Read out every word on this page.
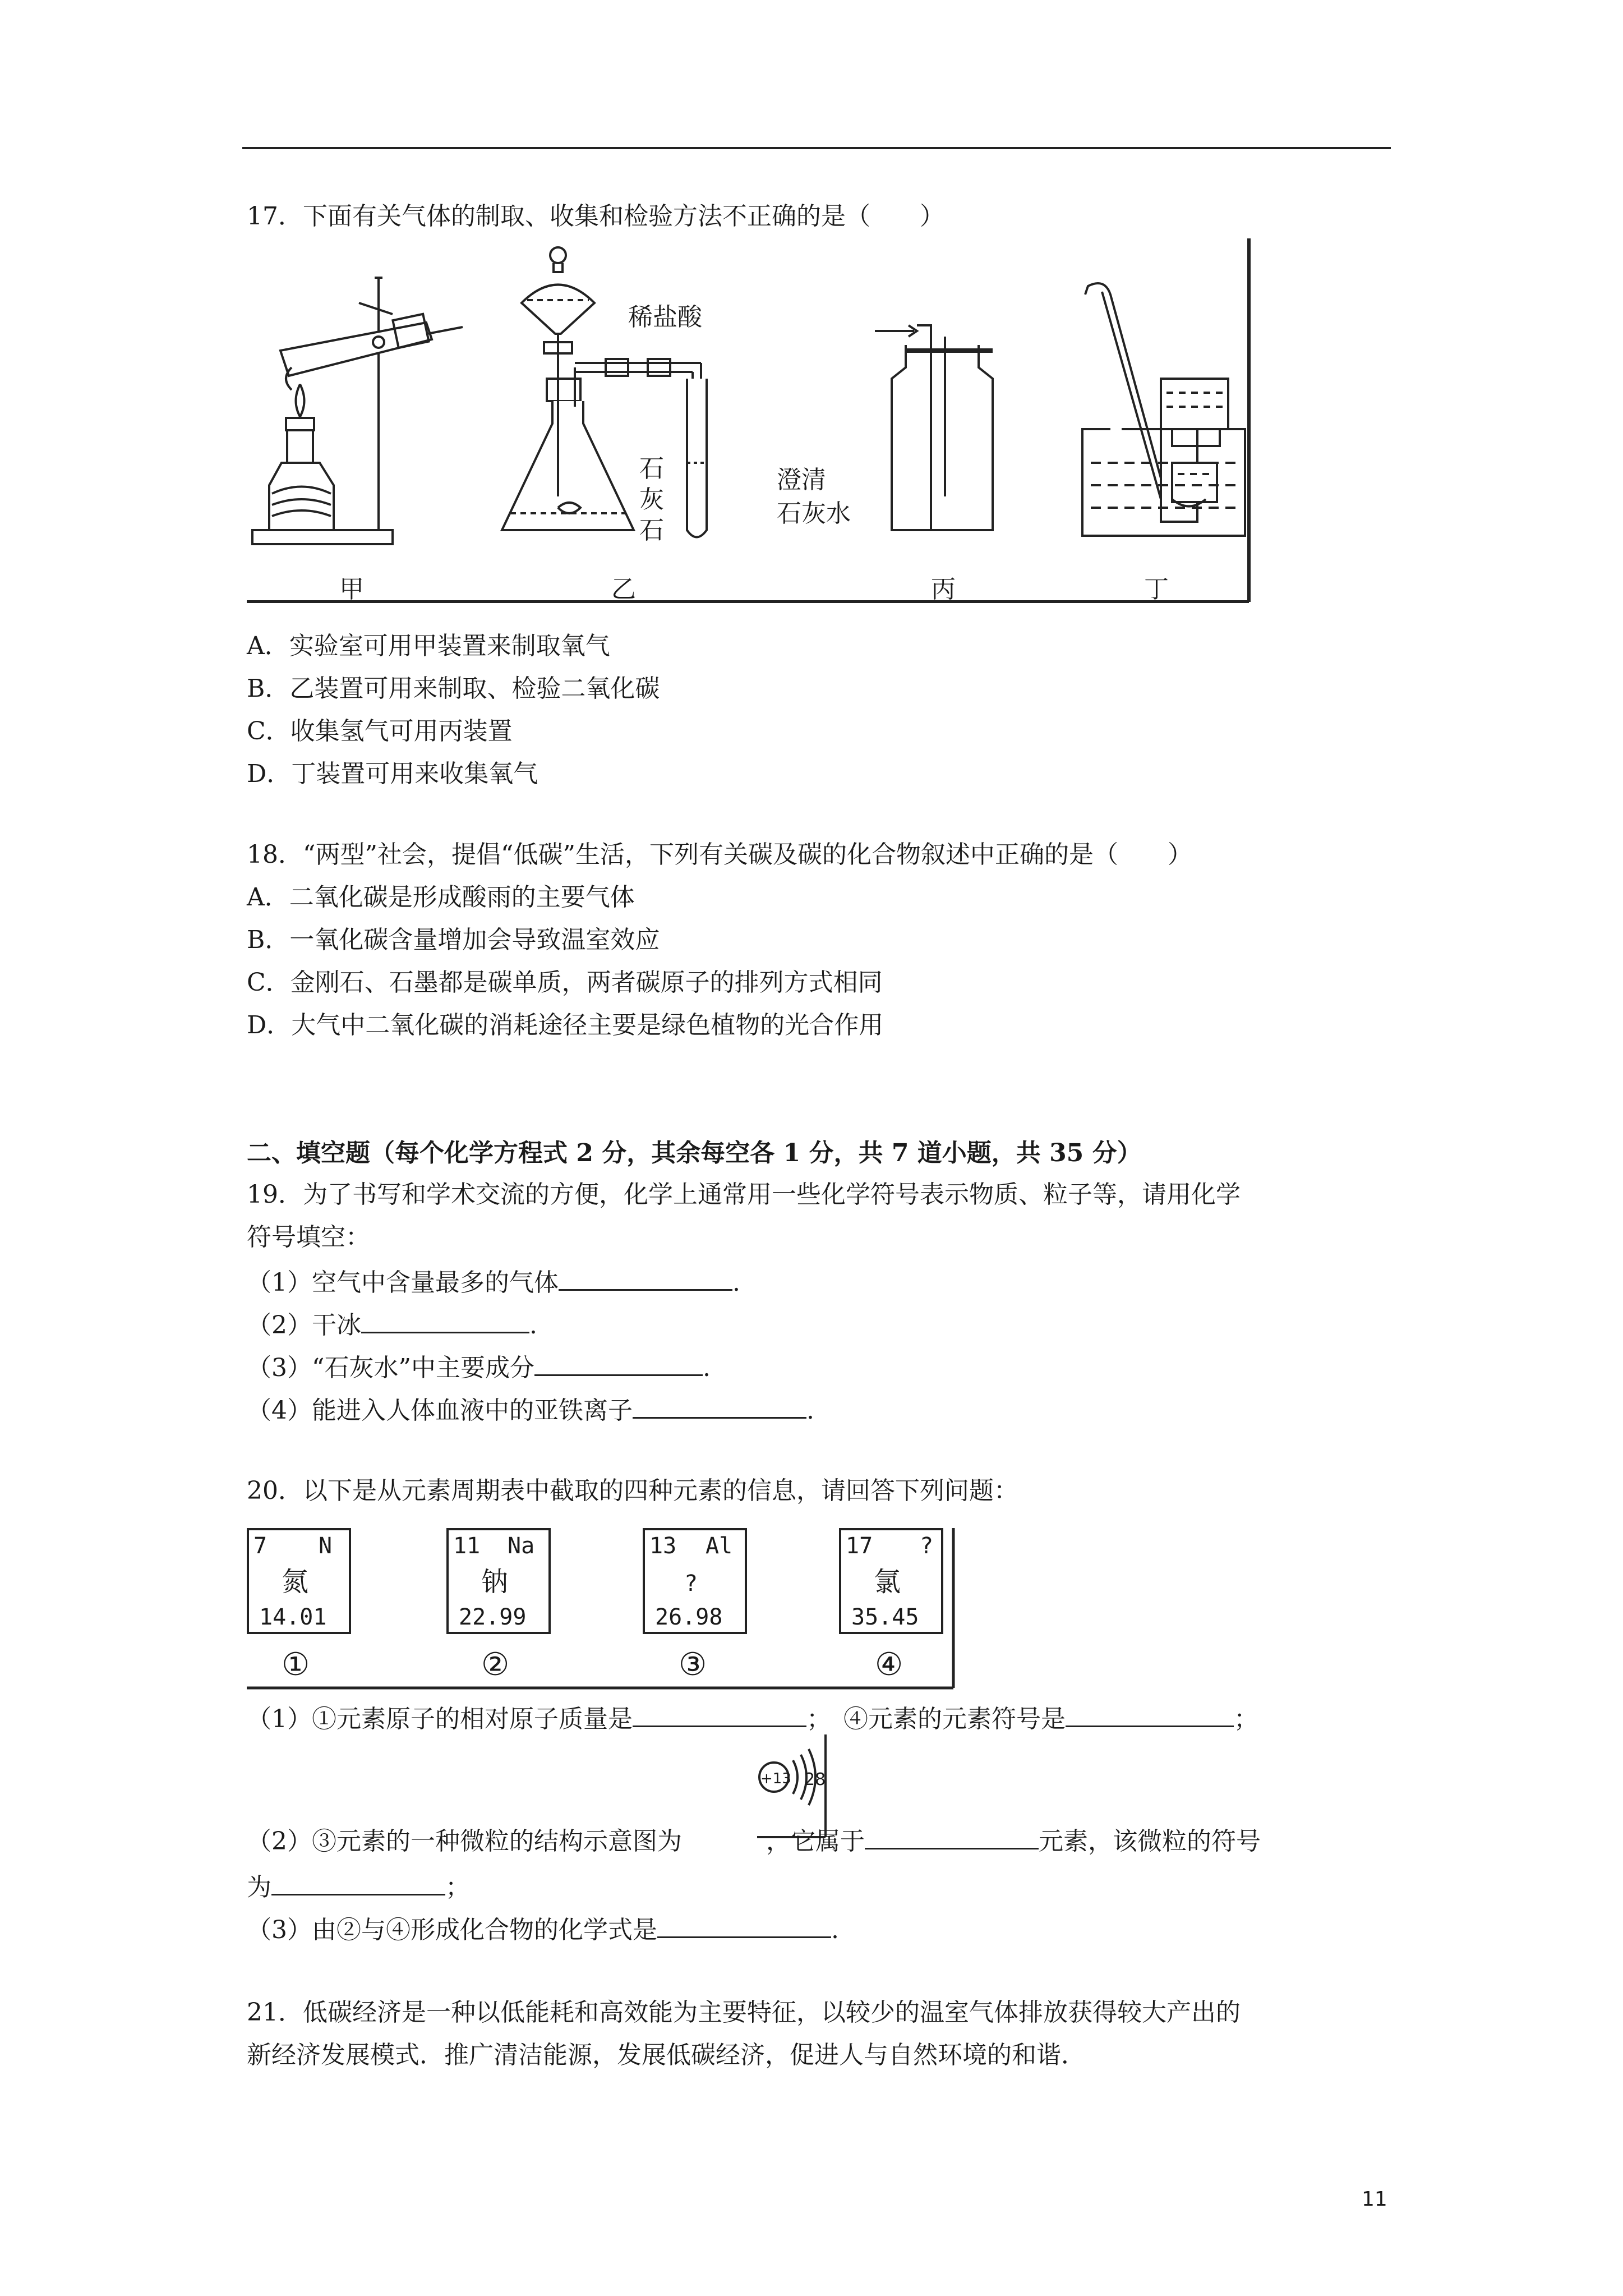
17．下面有关气体的制取、收集和检验方法不正确的是（　　）
稀盐酸
石
灰
石
澄清
石灰水
甲	乙	丙	丁
A．实验室可用甲装置来制取氧气
B．乙装置可用来制取、检验二氧化碳
C．收集氢气可用丙装置
D．丁装置可用来收集氧气
18．“两型”社会，提倡“低碳”生活，下列有关碳及碳的化合物叙述中正确的是（　　）
A．二氧化碳是形成酸雨的主要气体
B．一氧化碳含量增加会导致温室效应
C．金刚石、石墨都是碳单质，两者碳原子的排列方式相同
D．大气中二氧化碳的消耗途径主要是绿色植物的光合作用
二、填空题（每个化学方程式 2 分，其余每空各 1 分，共 7 道小题，共 35 分）
19．为了书写和学术交流的方便，化学上通常用一些化学符号表示物质、粒子等，请用化学
符号填空：
（1）空气中含量最多的气体	.
（2）干冰	.
（3）“石灰水”中主要成分	.
（4）能进入人体血液中的亚铁离子	.
20．以下是从元素周期表中截取的四种元素的信息，请回答下列问题：
7 N
氮
14.01
11 Na
钠
22.99
13 Al
?
26.98
17 ?
氯
35.45
①	②	③	④
（1）①元素原子的相对原子质量是	；　④元素的元素符号是	；
+13 28
（2）③元素的一种微粒的结构示意图为	，它属于	元素，该微粒的符号
为	；
（3）由②与④形成化合物的化学式是	.
21．低碳经济是一种以低能耗和高效能为主要特征，以较少的温室气体排放获得较大产出的
新经济发展模式．推广清洁能源，发展低碳经济，促进人与自然环境的和谐．
11
